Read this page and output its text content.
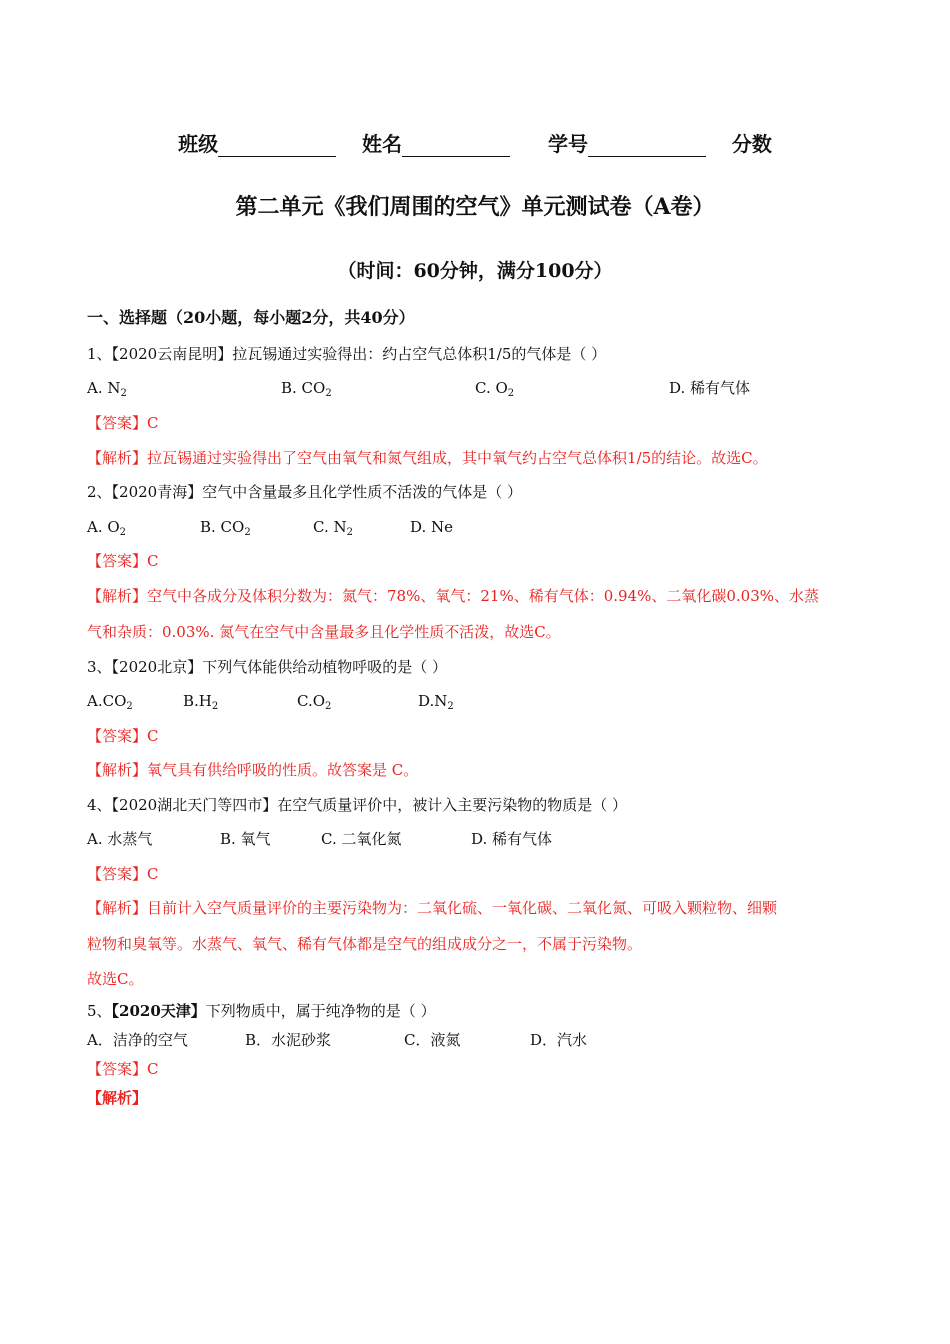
班级	姓名	学号	分数
第二单元《我们周围的空气》单元测试卷（A卷）
（时间：60分钟，满分100分）
一、选择题（20小题，每小题2分，共40分）
1、【2020云南昆明】拉瓦锡通过实验得出：约占空气总体积1/5的气体是（ ）
A. $N_2$	B. $CO_2$	C. $O_2$	D. 稀有气体
【答案】C
【解析】拉瓦锡通过实验得出了空气由氧气和氮气组成，其中氧气约占空气总体积1/5的结论。故选C。
2、【2020青海】空气中含量最多且化学性质不活泼的气体是（ ）
A. $O_2$	B. $CO_2$	C. $N_2$	D. Ne
【答案】C
【解析】空气中各成分及体积分数为：氮气：78%、氧气：21%、稀有气体：0.94%、二氧化碳0.03%、水蒸
气和杂质：0.03%. 氮气在空气中含量最多且化学性质不活泼，故选C。
3、【2020北京】下列气体能供给动植物呼吸的是（ ）
$A.CO_2$	$B.H_2$	$C.O_2$	$D.N_2$
【答案】C
【解析】氧气具有供给呼吸的性质。故答案是 C。
4、【2020湖北天门等四市】在空气质量评价中，被计入主要污染物的物质是（ ）
A. 水蒸气	B. 氧气	C. 二氧化氮	D. 稀有气体
【答案】C
【解析】目前计入空气质量评价的主要污染物为：二氧化硫、一氧化碳、二氧化氮、可吸入颗粒物、细颗
粒物和臭氧等。水蒸气、氧气、稀有气体都是空气的组成成分之一，不属于污染物。
故选C。
5、【2020天津】下列物质中，属于纯净物的是（ ）
A．洁净的空气	B．水泥砂浆	C．液氮	D．汽水
【答案】C
【解析】
